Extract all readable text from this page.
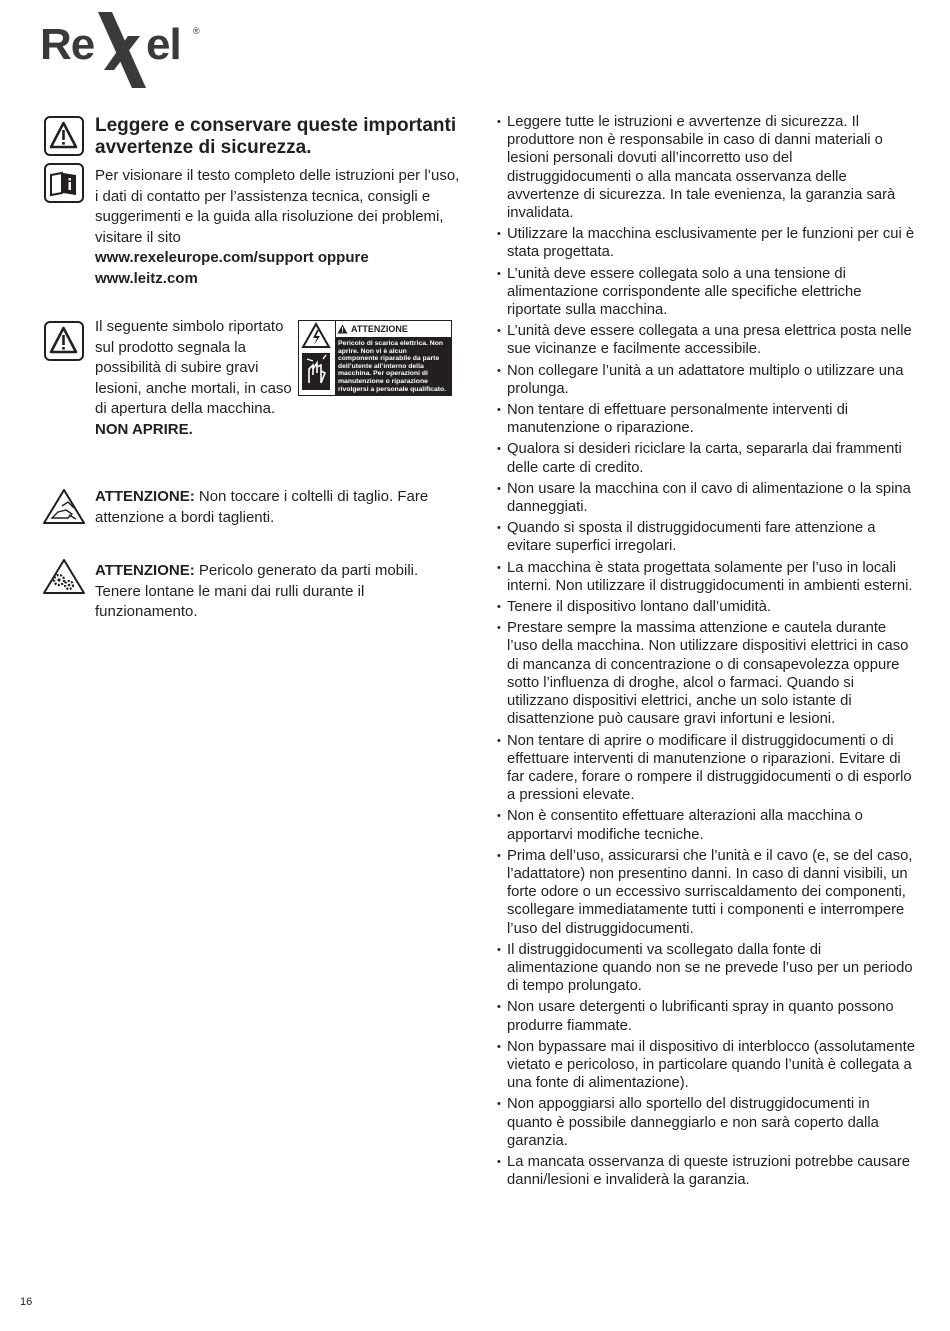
Re el ®
Leggere e conservare queste importanti avvertenze di sicurezza.
Per visionare il testo completo delle istruzioni per l’uso, i dati di contatto per l’assistenza tecnica, consigli e suggerimenti e la guida alla risoluzione dei problemi, visitare il sito
www.rexeleurope.com/support oppure www.leitz.com
Il seguente simbolo riportato sul prodotto segnala la possibilità di subire gravi lesioni, anche mortali, in caso di apertura della macchina. NON APRIRE.
ATTENZIONE
Pericolo di scarica elettrica. Non aprire. Non vi è alcun componente riparabile da parte dell’utente all’interno della macchina. Per operazioni di manutenzione o riparazione rivolgersi a personale qualificato.
ATTENZIONE: Non toccare i coltelli di taglio. Fare attenzione a bordi taglienti.
ATTENZIONE: Pericolo generato da parti mobili. Tenere lontane le mani dai rulli durante il funzionamento.
• Leggere tutte le istruzioni e avvertenze di sicurezza. Il produttore non è responsabile in caso di danni materiali o lesioni personali dovuti all’incorretto uso del distruggidocumenti o alla mancata osservanza delle avvertenze di sicurezza. In tale evenienza, la garanzia sarà invalidata.
• Utilizzare la macchina esclusivamente per le funzioni per cui è stata progettata.
• L’unità deve essere collegata solo a una tensione di alimentazione corrispondente alle specifiche elettriche riportate sulla macchina.
• L’unità deve essere collegata a una presa elettrica posta nelle sue vicinanze e facilmente accessibile.
• Non collegare l’unità a un adattatore multiplo o utilizzare una prolunga.
• Non tentare di effettuare personalmente interventi di manutenzione o riparazione.
• Qualora si desideri riciclare la carta, separarla dai frammenti delle carte di credito.
• Non usare la macchina con il cavo di alimentazione o la spina danneggiati.
• Quando si sposta il distruggidocumenti fare attenzione a evitare superfici irregolari.
• La macchina è stata progettata solamente per l’uso in locali interni. Non utilizzare il distruggidocumenti in ambienti esterni.
• Tenere il dispositivo lontano dall’umidità.
• Prestare sempre la massima attenzione e cautela durante l’uso della macchina. Non utilizzare dispositivi elettrici in caso di mancanza di concentrazione o di consapevolezza oppure sotto l’influenza di droghe, alcol o farmaci. Quando si utilizzano dispositivi elettrici, anche un solo istante di disattenzione può causare gravi infortuni e lesioni.
• Non tentare di aprire o modificare il distruggidocumenti o di effettuare interventi di manutenzione o riparazioni. Evitare di far cadere, forare o rompere il distruggidocumenti o di esporlo a pressioni elevate.
• Non è consentito effettuare alterazioni alla macchina o apportarvi modifiche tecniche.
• Prima dell’uso, assicurarsi che l’unità e il cavo (e, se del caso, l’adattatore) non presentino danni. In caso di danni visibili, un forte odore o un eccessivo surriscaldamento dei componenti, scollegare immediatamente tutti i componenti e interrompere l’uso del distruggidocumenti.
• Il distruggidocumenti va scollegato dalla fonte di alimentazione quando non se ne prevede l’uso per un periodo di tempo prolungato.
• Non usare detergenti o lubrificanti spray in quanto possono produrre fiammate.
• Non bypassare mai il dispositivo di interblocco (assolutamente vietato e pericoloso, in particolare quando l’unità è collegata a una fonte di alimentazione).
• Non appoggiarsi allo sportello del distruggidocumenti in quanto è possibile danneggiarlo e non sarà coperto dalla garanzia.
• La mancata osservanza di queste istruzioni potrebbe causare danni/lesioni e invaliderà la garanzia.
16
